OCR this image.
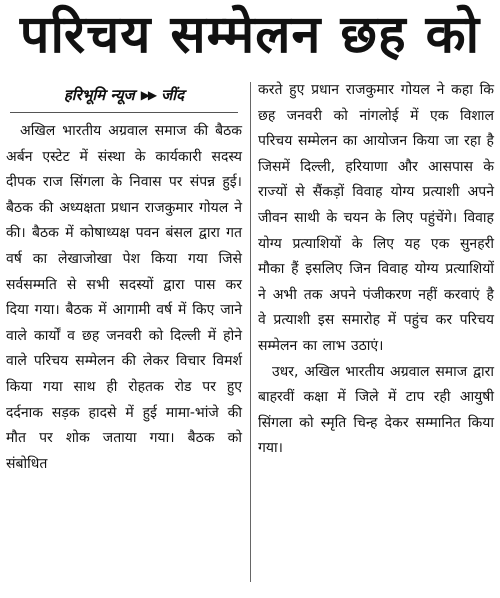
परिचय सम्मेलन छह को
हरिभूमि न्यूज ▶▶ जींद

अखिल भारतीय अग्रवाल समाज की बैठक अर्बन एस्टेट में संस्था के कार्यकारी सदस्य दीपक राज सिंगला के निवास पर संपन्न हुई। बैठक की अध्यक्षता प्रधान राजकुमार गोयल ने की। बैठक में कोषाध्यक्ष पवन बंसल द्वारा गत वर्ष का लेखाजोखा पेश किया गया जिसे सर्वसम्मति से सभी सदस्यों द्वारा पास कर दिया गया। बैठक में आगामी वर्ष में किए जाने वाले कार्यों व छह जनवरी को दिल्ली में होने वाले परिचय सम्मेलन की लेकर विचार विमर्श किया गया साथ ही रोहतक रोड पर हुए दर्दनाक सड़क हादसे में हुई मामा-भांजे की मौत पर शोक जताया गया। बैठक को संबोधित

करते हुए प्रधान राजकुमार गोयल ने कहा कि छह जनवरी को नांगलोई में एक विशाल परिचय सम्मेलन का आयोजन किया जा रहा है जिसमें दिल्ली, हरियाणा और आसपास के राज्यों से सैंकड़ों विवाह योग्य प्रत्याशी अपने जीवन साथी के चयन के लिए पहुंचेंगे। विवाह योग्य प्रत्याशियों के लिए यह एक सुनहरी मौका हैं इसलिए जिन विवाह योग्य प्रत्याशियों ने अभी तक अपने पंजीकरण नहीं करवाएं है वे प्रत्याशी इस समारोह में पहुंच कर परिचय सम्मेलन का लाभ उठाएं।

उधर, अखिल भारतीय अग्रवाल समाज द्वारा बाहरवीं कक्षा में जिले में टाप रही आयुषी सिंगला को स्मृति चिन्ह देकर सम्मानित किया गया।
